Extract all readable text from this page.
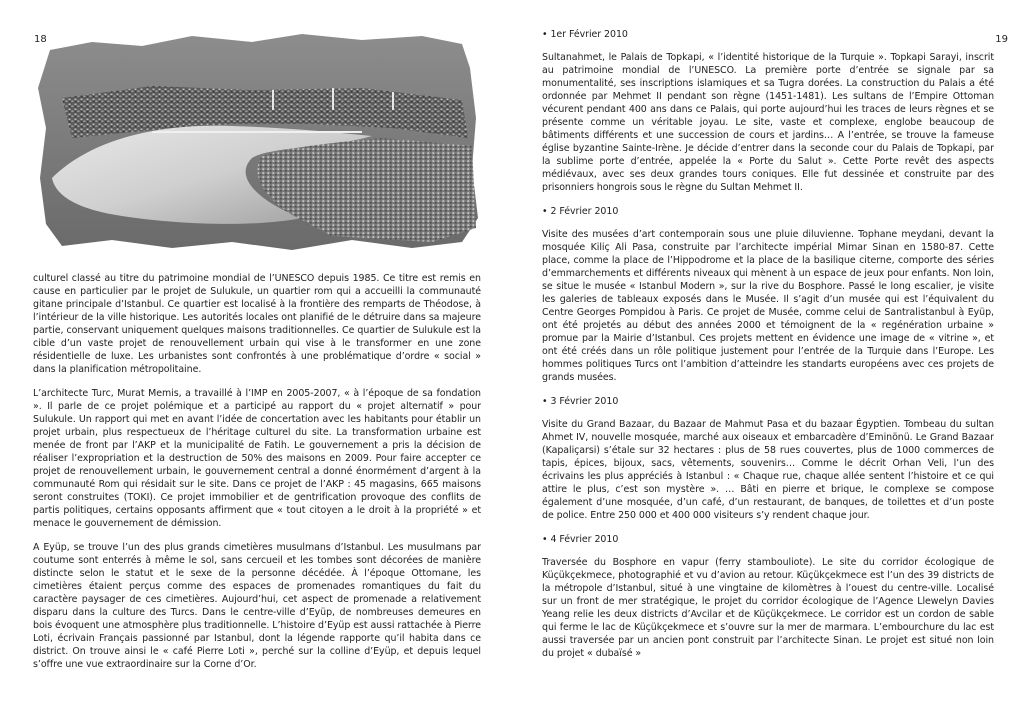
18	19

culturel classé au titre du patrimoine mondial de l’UNESCO depuis 1985. Ce titre est remis en cause en particulier par le projet de Sulukule, un quartier rom qui a accueilli la communauté gitane principale d’Istanbul. Ce quartier est localisé à la frontière des remparts de Théodose, à l’intérieur de la ville historique. Les autorités locales ont planifié de le détruire dans sa majeure partie, conservant uniquement quelques maisons traditionnelles. Ce quartier de Sulukule est la cible d’un vaste projet de renouvellement urbain qui vise à le transformer en une zone résidentielle de luxe. Les urbanistes sont confrontés à une problématique d’ordre « social » dans la planification métropolitaine.

L’architecte Turc, Murat Memis, a travaillé à l’IMP en 2005-2007, « à l’époque de sa fondation ». Il parle de ce projet polémique et a participé au rapport du « projet alternatif » pour Sulukule. Un rapport qui met en avant l’idée de concertation avec les habitants pour établir un projet urbain, plus respectueux de l’héritage culturel du site. La transformation urbaine est menée de front par l’AKP et la municipalité de Fatih. Le gouvernement a pris la décision de réaliser l’expropriation et la destruction de 50% des maisons en 2009. Pour faire accepter ce projet de renouvellement urbain, le gouvernement central a donné énormément d’argent à la communauté Rom qui résidait sur le site. Dans ce projet de l’AKP : 45 magasins, 665 maisons seront construites (TOKI). Ce projet immobilier et de gentrification provoque des conflits de partis politiques, certains opposants affirment que « tout citoyen a le droit à la propriété » et menace le gouvernement de démission.

A Eyüp, se trouve l’un des plus grands cimetières musulmans d’Istanbul. Les musulmans par coutume sont enterrés à même le sol, sans cercueil et les tombes sont décorées de manière distincte selon le statut et le sexe de la personne décédée. À l’époque Ottomane, les cimetières étaient perçus comme des espaces de promenades romantiques du fait du caractère paysager de ces cimetières. Aujourd’hui, cet aspect de promenade a relativement disparu dans la culture des Turcs. Dans le centre-ville d’Eyüp, de nombreuses demeures en bois évoquent une atmosphère plus traditionnelle. L’histoire d’Eyüp est aussi rattachée à Pierre Loti, écrivain Français passionné par Istanbul, dont la légende rapporte qu’il habita dans ce district. On trouve ainsi le « café Pierre Loti », perché sur la colline d’Eyüp, et depuis lequel s’offre une vue extraordinaire sur la Corne d’Or.

• 1er Février 2010

Sultanahmet, le Palais de Topkapi, « l’identité historique de la Turquie ». Topkapi Sarayi, inscrit au patrimoine mondial de l’UNESCO. La première porte d’entrée se signale par sa monumentalité, ses inscriptions islamiques et sa Tugra dorées. La construction du Palais a été ordonnée par Mehmet II pendant son règne (1451-1481). Les sultans de l’Empire Ottoman vécurent pendant 400 ans dans ce Palais, qui porte aujourd’hui les traces de leurs règnes et se présente comme un véritable joyau. Le site, vaste et complexe, englobe beaucoup de bâtiments différents et une succession de cours et jardins… A l’entrée, se trouve la fameuse église byzantine Sainte-Irène. Je décide d’entrer dans la seconde cour du Palais de Topkapi, par la sublime porte d’entrée, appelée la « Porte du Salut ». Cette Porte revêt des aspects médiévaux, avec ses deux grandes tours coniques. Elle fut dessinée et construite par des prisonniers hongrois sous le règne du Sultan Mehmet II.

• 2 Février 2010

Visite des musées d’art contemporain sous une pluie diluvienne. Tophane meydani, devant la mosquée Kiliç Ali Pasa, construite par l’architecte impérial Mimar Sinan en 1580-87. Cette place, comme la place de l’Hippodrome et la place de la basilique citerne, comporte des séries d’emmarchements et différents niveaux qui mènent à un espace de jeux pour enfants. Non loin, se situe le musée « Istanbul Modern », sur la rive du Bosphore. Passé le long escalier, je visite les galeries de tableaux exposés dans le Musée. Il s’agit d’un musée qui est l’équivalent du Centre Georges Pompidou à Paris. Ce projet de Musée, comme celui de Santralistanbul à Eyüp, ont été projetés au début des années 2000 et témoignent de la « regénération urbaine » promue par la Mairie d’Istanbul. Ces projets mettent en évidence une image de « vitrine », et ont été créés dans un rôle politique justement pour l’entrée de la Turquie dans l’Europe. Les hommes politiques Turcs ont l’ambition d’atteindre les standarts européens avec ces projets de grands musées.

• 3 Février 2010

Visite du Grand Bazaar, du Bazaar de Mahmut Pasa et du bazaar Égyptien. Tombeau du sultan Ahmet IV, nouvelle mosquée, marché aux oiseaux et embarcadère d’Eminönü. Le Grand Bazaar (Kapaliçarsi) s’étale sur 32 hectares : plus de 58 rues couvertes, plus de 1000 commerces de tapis, épices, bijoux, sacs, vêtements, souvenirs… Comme le décrit Orhan Veli, l’un des écrivains les plus appréciés à Istanbul : « Chaque rue, chaque allée sentent l’histoire et ce qui attire le plus, c’est son mystère ». … Bâti en pierre et brique, le complexe se compose également d’une mosquée, d’un café, d’un restaurant, de banques, de toilettes et d’un poste de police. Entre 250 000 et 400 000 visiteurs s’y rendent chaque jour.

• 4 Février 2010

Traversée du Bosphore en vapur (ferry stambouliote). Le site du corridor écologique de Küçükçekmece, photographié et vu d’avion au retour. Küçükçekmece est l’un des 39 districts de la métropole d’Istanbul, situé à une vingtaine de kilomètres à l’ouest du centre-ville. Localisé sur un front de mer stratégique, le projet du corridor écologique de l’Agence Llewelyn Davies Yeang relie les deux districts d’Avcilar et de Küçükçekmece. Le corridor est un cordon de sable qui ferme le lac de Küçükçekmece et s’ouvre sur la mer de marmara. L’embourchure du lac est aussi traversée par un ancien pont construit par l’architecte Sinan. Le projet est situé non loin du projet « dubaïsé »
